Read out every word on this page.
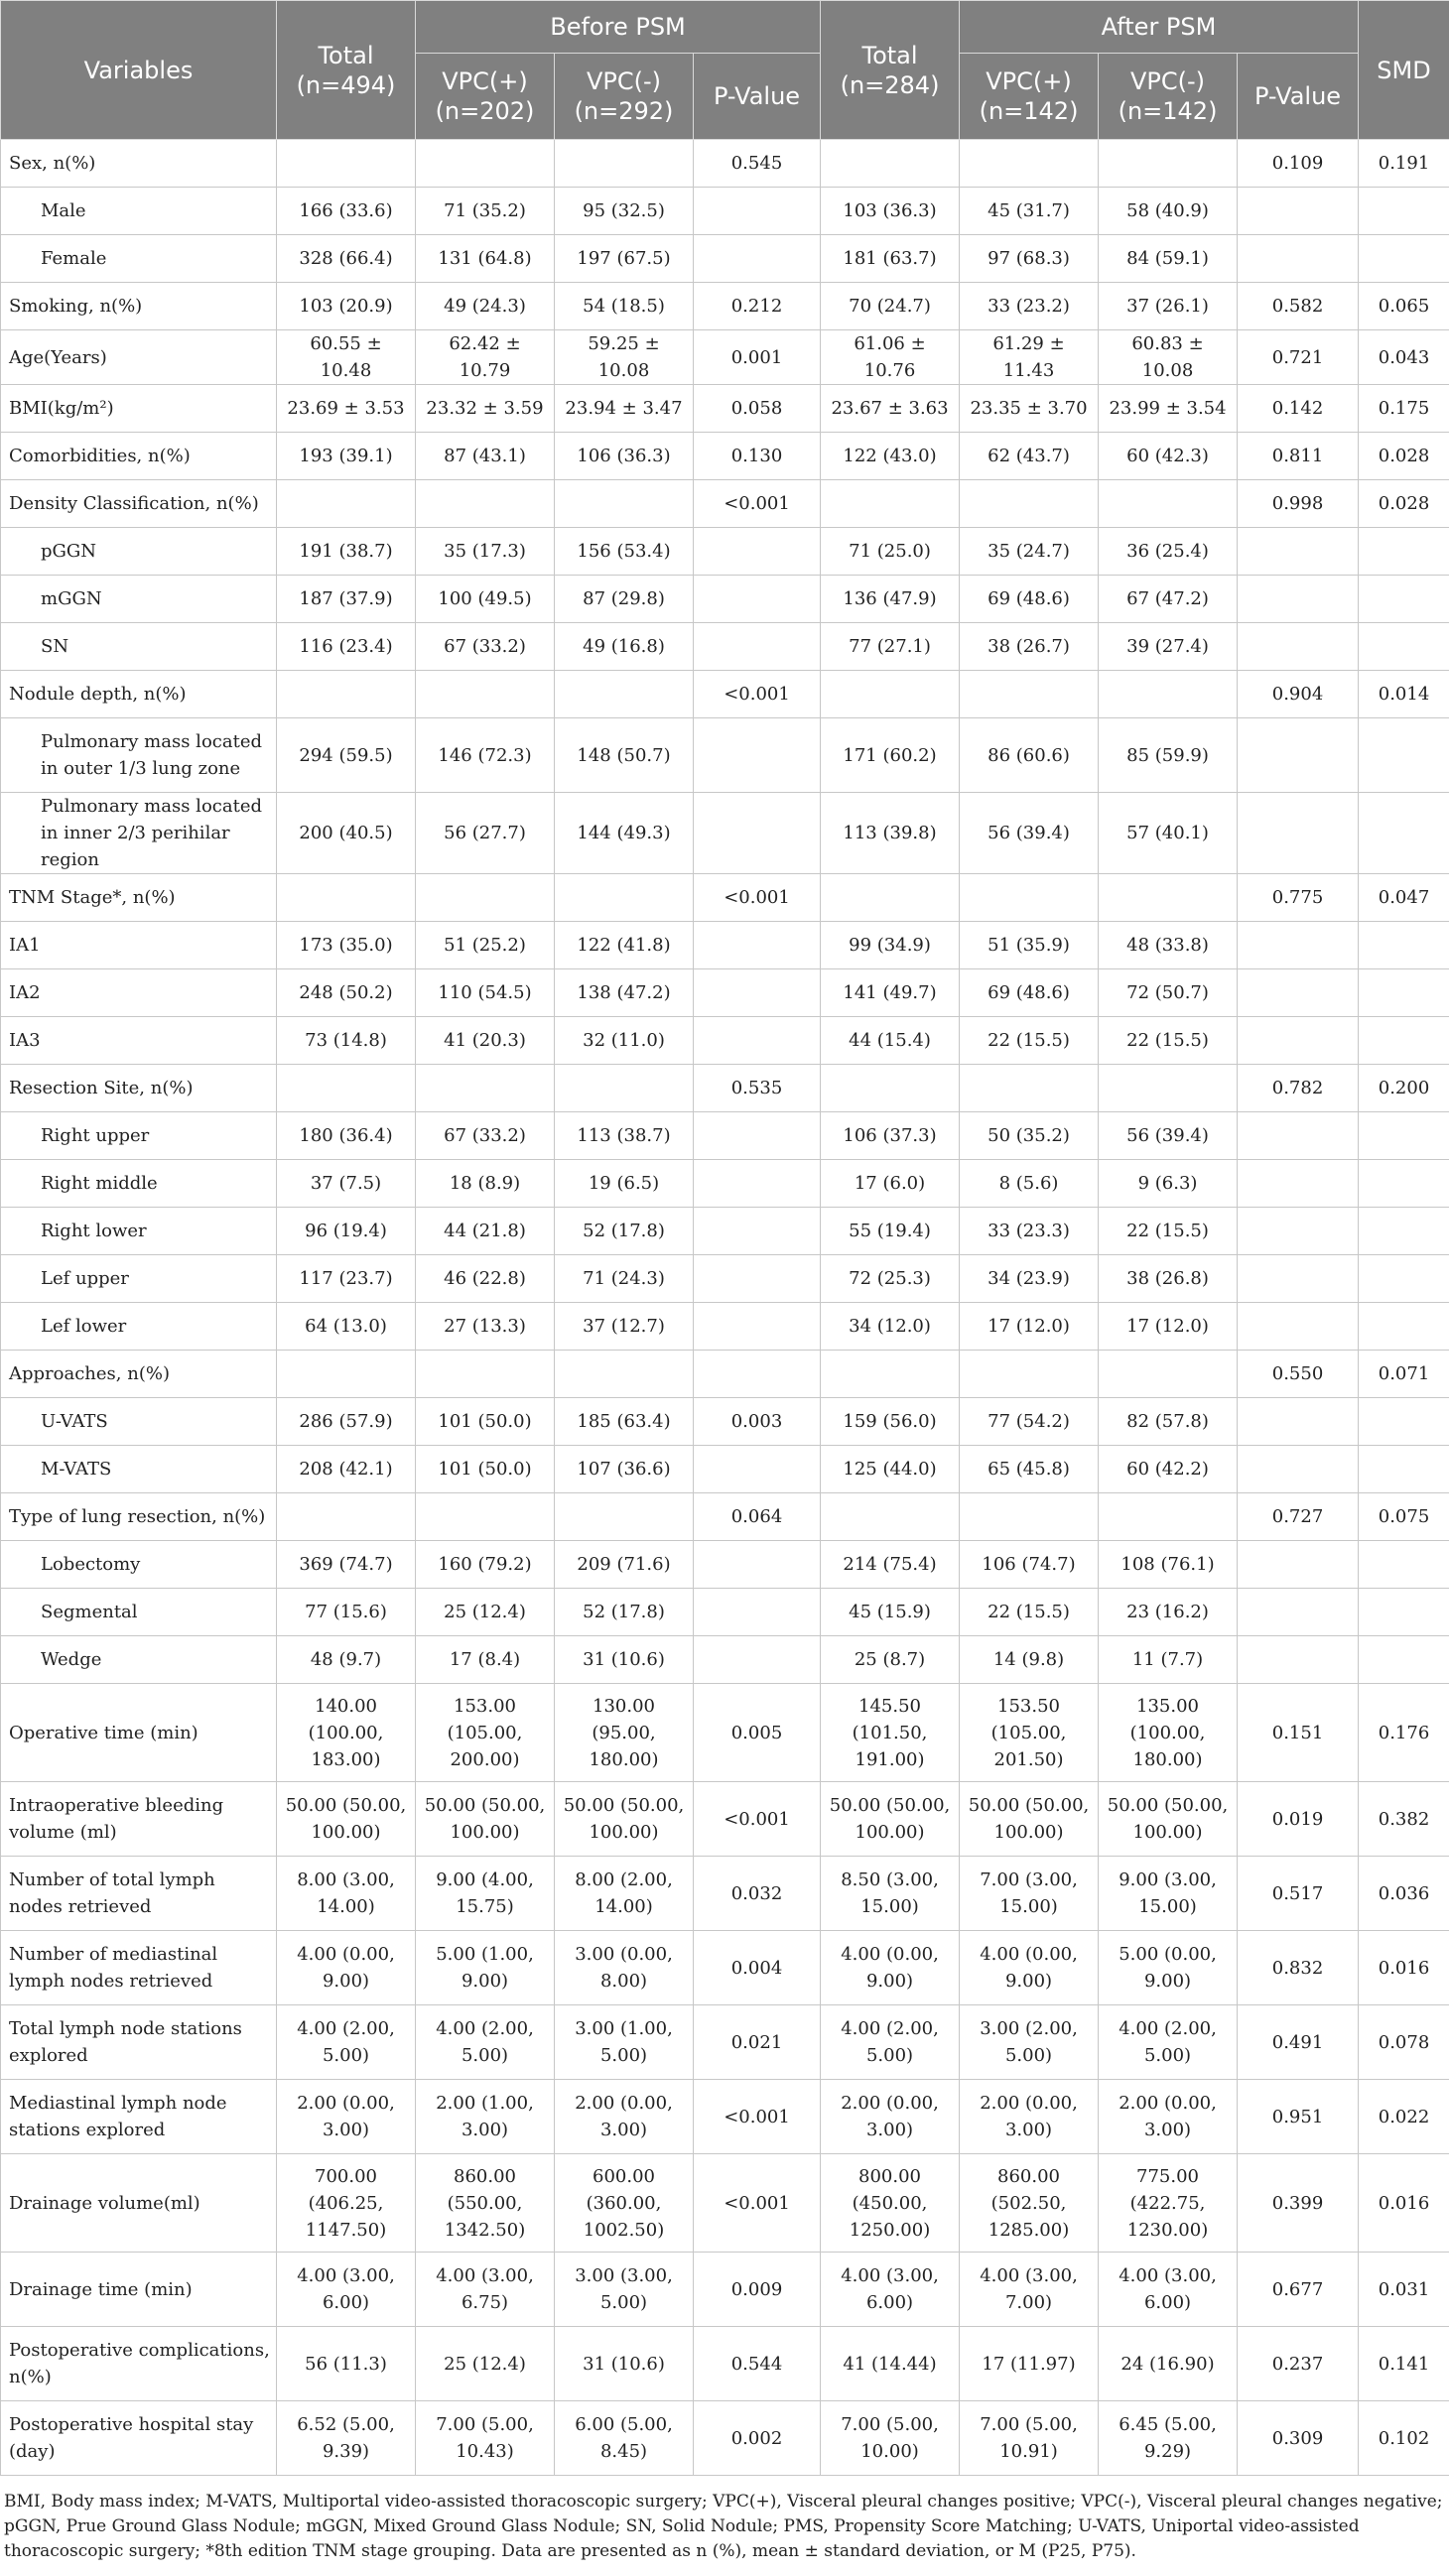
Variables	Total (n=494)	Before PSM			Total (n=284)	After PSM			SMD
		VPC(+) (n=202)	VPC(-) (n=292)	P-Value		VPC(+) (n=142)	VPC(-) (n=142)	P-Value	
Sex, n(%)				0.545				0.109	0.191
Male	166 (33.6)	71 (35.2)	95 (32.5)		103 (36.3)	45 (31.7)	58 (40.9)		
Female	328 (66.4)	131 (64.8)	197 (67.5)		181 (63.7)	97 (68.3)	84 (59.1)		
Smoking, n(%)	103 (20.9)	49 (24.3)	54 (18.5)	0.212	70 (24.7)	33 (23.2)	37 (26.1)	0.582	0.065
Age(Years)	60.55 ± 10.48	62.42 ± 10.79	59.25 ± 10.08	0.001	61.06 ± 10.76	61.29 ± 11.43	60.83 ± 10.08	0.721	0.043
BMI(kg/m²)	23.69 ± 3.53	23.32 ± 3.59	23.94 ± 3.47	0.058	23.67 ± 3.63	23.35 ± 3.70	23.99 ± 3.54	0.142	0.175
Comorbidities, n(%)	193 (39.1)	87 (43.1)	106 (36.3)	0.130	122 (43.0)	62 (43.7)	60 (42.3)	0.811	0.028
Density Classification, n(%)				<0.001				0.998	0.028
pGGN	191 (38.7)	35 (17.3)	156 (53.4)		71 (25.0)	35 (24.7)	36 (25.4)		
mGGN	187 (37.9)	100 (49.5)	87 (29.8)		136 (47.9)	69 (48.6)	67 (47.2)		
SN	116 (23.4)	67 (33.2)	49 (16.8)		77 (27.1)	38 (26.7)	39 (27.4)		
Nodule depth, n(%)				<0.001				0.904	0.014
Pulmonary mass located in outer 1/3 lung zone	294 (59.5)	146 (72.3)	148 (50.7)		171 (60.2)	86 (60.6)	85 (59.9)		
Pulmonary mass located in inner 2/3 perihilar region	200 (40.5)	56 (27.7)	144 (49.3)		113 (39.8)	56 (39.4)	57 (40.1)		
TNM Stage*, n(%)				<0.001				0.775	0.047
IA1	173 (35.0)	51 (25.2)	122 (41.8)		99 (34.9)	51 (35.9)	48 (33.8)		
IA2	248 (50.2)	110 (54.5)	138 (47.2)		141 (49.7)	69 (48.6)	72 (50.7)		
IA3	73 (14.8)	41 (20.3)	32 (11.0)		44 (15.4)	22 (15.5)	22 (15.5)		
Resection Site, n(%)				0.535				0.782	0.200
Right upper	180 (36.4)	67 (33.2)	113 (38.7)		106 (37.3)	50 (35.2)	56 (39.4)		
Right middle	37 (7.5)	18 (8.9)	19 (6.5)		17 (6.0)	8 (5.6)	9 (6.3)		
Right lower	96 (19.4)	44 (21.8)	52 (17.8)		55 (19.4)	33 (23.3)	22 (15.5)		
Lef upper	117 (23.7)	46 (22.8)	71 (24.3)		72 (25.3)	34 (23.9)	38 (26.8)		
Lef lower	64 (13.0)	27 (13.3)	37 (12.7)		34 (12.0)	17 (12.0)	17 (12.0)		
Approaches, n(%)								0.550	0.071
U-VATS	286 (57.9)	101 (50.0)	185 (63.4)	0.003	159 (56.0)	77 (54.2)	82 (57.8)		
M-VATS	208 (42.1)	101 (50.0)	107 (36.6)		125 (44.0)	65 (45.8)	60 (42.2)		
Type of lung resection, n(%)				0.064				0.727	0.075
Lobectomy	369 (74.7)	160 (79.2)	209 (71.6)		214 (75.4)	106 (74.7)	108 (76.1)		
Segmental	77 (15.6)	25 (12.4)	52 (17.8)		45 (15.9)	22 (15.5)	23 (16.2)		
Wedge	48 (9.7)	17 (8.4)	31 (10.6)		25 (8.7)	14 (9.8)	11 (7.7)		
Operative time (min)	140.00 (100.00, 183.00)	153.00 (105.00, 200.00)	130.00 (95.00, 180.00)	0.005	145.50 (101.50, 191.00)	153.50 (105.00, 201.50)	135.00 (100.00, 180.00)	0.151	0.176
Intraoperative bleeding volume (ml)	50.00 (50.00, 100.00)	50.00 (50.00, 100.00)	50.00 (50.00, 100.00)	<0.001	50.00 (50.00, 100.00)	50.00 (50.00, 100.00)	50.00 (50.00, 100.00)	0.019	0.382
Number of total lymph nodes retrieved	8.00 (3.00, 14.00)	9.00 (4.00, 15.75)	8.00 (2.00, 14.00)	0.032	8.50 (3.00, 15.00)	7.00 (3.00, 15.00)	9.00 (3.00, 15.00)	0.517	0.036
Number of mediastinal lymph nodes retrieved	4.00 (0.00, 9.00)	5.00 (1.00, 9.00)	3.00 (0.00, 8.00)	0.004	4.00 (0.00, 9.00)	4.00 (0.00, 9.00)	5.00 (0.00, 9.00)	0.832	0.016
Total lymph node stations explored	4.00 (2.00, 5.00)	4.00 (2.00, 5.00)	3.00 (1.00, 5.00)	0.021	4.00 (2.00, 5.00)	3.00 (2.00, 5.00)	4.00 (2.00, 5.00)	0.491	0.078
Mediastinal lymph node stations explored	2.00 (0.00, 3.00)	2.00 (1.00, 3.00)	2.00 (0.00, 3.00)	<0.001	2.00 (0.00, 3.00)	2.00 (0.00, 3.00)	2.00 (0.00, 3.00)	0.951	0.022
Drainage volume(ml)	700.00 (406.25, 1147.50)	860.00 (550.00, 1342.50)	600.00 (360.00, 1002.50)	<0.001	800.00 (450.00, 1250.00)	860.00 (502.50, 1285.00)	775.00 (422.75, 1230.00)	0.399	0.016
Drainage time (min)	4.00 (3.00, 6.00)	4.00 (3.00, 6.75)	3.00 (3.00, 5.00)	0.009	4.00 (3.00, 6.00)	4.00 (3.00, 7.00)	4.00 (3.00, 6.00)	0.677	0.031
Postoperative complications, n(%)	56 (11.3)	25 (12.4)	31 (10.6)	0.544	41 (14.44)	17 (11.97)	24 (16.90)	0.237	0.141
Postoperative hospital stay (day)	6.52 (5.00, 9.39)	7.00 (5.00, 10.43)	6.00 (5.00, 8.45)	0.002	7.00 (5.00, 10.00)	7.00 (5.00, 10.91)	6.45 (5.00, 9.29)	0.309	0.102
BMI, Body mass index; M-VATS, Multiportal video-assisted thoracoscopic surgery; VPC(+), Visceral pleural changes positive; VPC(-), Visceral pleural changes negative; pGGN, Prue Ground Glass Nodule; mGGN, Mixed Ground Glass Nodule; SN, Solid Nodule; PMS, Propensity Score Matching; U-VATS, Uniportal video-assisted thoracoscopic surgery; *8th edition TNM stage grouping. Data are presented as n (%), mean ± standard deviation, or M (P25, P75).
